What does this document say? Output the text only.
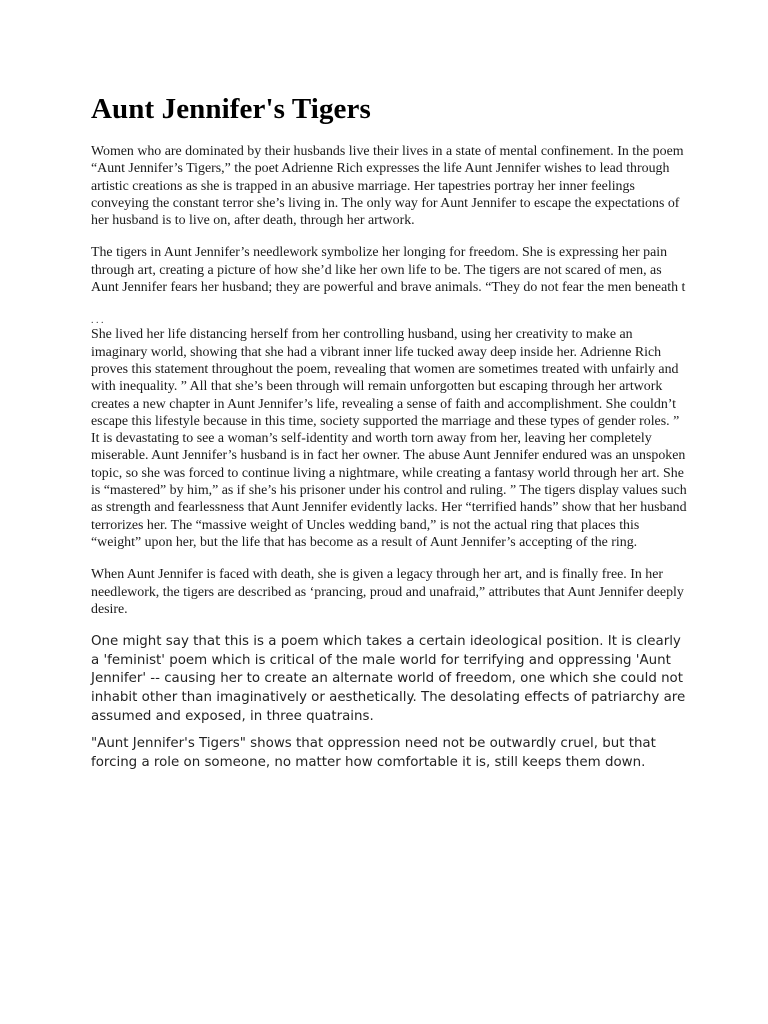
Aunt Jennifer's Tigers

Women who are dominated by their husbands live their lives in a state of mental confinement. In the poem “Aunt Jennifer’s Tigers,” the poet Adrienne Rich expresses the life Aunt Jennifer wishes to lead through artistic creations as she is trapped in an abusive marriage. Her tapestries portray her inner feelings conveying the constant terror she’s living in. The only way for Aunt Jennifer to escape the expectations of her husband is to live on, after death, through her artwork.

The tigers in Aunt Jennifer’s needlework symbolize her longing for freedom. She is expressing her pain through art, creating a picture of how she’d like her own life to be. The tigers are not scared of men, as Aunt Jennifer fears her husband; they are powerful and brave animals. “They do not fear the men beneath t

. . .

She lived her life distancing herself from her controlling husband, using her creativity to make an imaginary world, showing that she had a vibrant inner life tucked away deep inside her. Adrienne Rich proves this statement throughout the poem, revealing that women are sometimes treated with unfairly and with inequality. ” All that she’s been through will remain unforgotten but escaping through her artwork creates a new chapter in Aunt Jennifer’s life, revealing a sense of faith and accomplishment. She couldn’t escape this lifestyle because in this time, society supported the marriage and these types of gender roles. ” It is devastating to see a woman’s self-identity and worth torn away from her, leaving her completely miserable. Aunt Jennifer’s husband is in fact her owner. The abuse Aunt Jennifer endured was an unspoken topic, so she was forced to continue living a nightmare, while creating a fantasy world through her art. She is “mastered” by him,” as if she’s his prisoner under his control and ruling. ” The tigers display values such as strength and fearlessness that Aunt Jennifer evidently lacks. Her “terrified hands” show that her husband terrorizes her. The “massive weight of Uncles wedding band,” is not the actual ring that places this “weight” upon her, but the life that has become as a result of Aunt Jennifer’s accepting of the ring.

When Aunt Jennifer is faced with death, she is given a legacy through her art, and is finally free. In her needlework, the tigers are described as ‘prancing, proud and unafraid,” attributes that Aunt Jennifer deeply desire.

One might say that this is a poem which takes a certain ideological position. It is clearly a 'feminist' poem which is critical of the male world for terrifying and oppressing 'Aunt Jennifer' -- causing her to create an alternate world of freedom, one which she could not inhabit other than imaginatively or aesthetically. The desolating effects of patriarchy are assumed and exposed, in three quatrains.

"Aunt Jennifer's Tigers" shows that oppression need not be outwardly cruel, but that forcing a role on someone, no matter how comfortable it is, still keeps them down.
